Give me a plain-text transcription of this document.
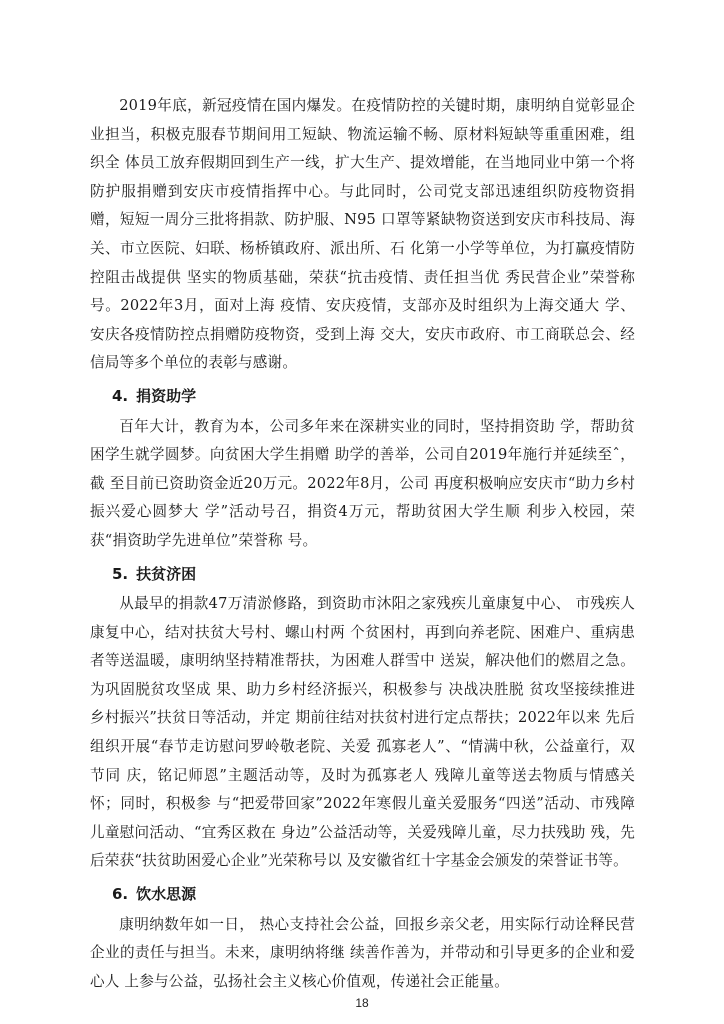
2019年底，新冠疫情在国内爆发。在疫情防控的关键时期，康明纳自觉彰显企业担当，积极克服春节期间用工短缺、物流运输不畅、原材料短缺等重重困难，组织全 体员工放弃假期回到生产一线，扩大生产、提效增能，在当地同业中第一个将防护服捐赠到安庆市疫情指挥中心。与此同时，公司党支部迅速组织防疫物资捐赠，短短一周分三批将捐款、防护服、N95 口罩等紧缺物资送到安庆市科技局、海关、市立医院、妇联、杨桥镇政府、派出所、石 化第一小学等单位，为打赢疫情防控阻击战提供 坚实的物质基础，荣获“抗击疫情、责任担当优 秀民营企业”荣誉称号。2022年3月，面对上海 疫情、安庆疫情，支部亦及时组织为上海交通大 学、安庆各疫情防控点捐赠防疫物资，受到上海 交大，安庆市政府、市工商联总会、经信局等多个单位的表彰与感谢。

4. 捐资助学

百年大计，教育为本，公司多年来在深耕实业的同时，坚持捐资助 学，帮助贫困学生就学圆梦。向贫困大学生捐赠 助学的善举，公司自2019年施行并延续至ˆ，截 至目前已资助资金近20万元。2022年8月，公司 再度积极响应安庆市“助力乡村振兴爱心圆梦大 学”活动号召，捐资4万元，帮助贫困大学生顺 利步入校园，荣获“捐资助学先进单位”荣誉称 号。

5. 扶贫济困

从最早的捐款47万清淤修路，到资助市沐阳之家残疾儿童康复中心、 市残疾人康复中心，结对扶贫大号村、螺山村两 个贫困村，再到向养老院、困难户、重病患者等送温暖，康明纳坚持精准帮扶，为困难人群雪中 送炭，解决他们的燃眉之急。为巩固脱贫攻坚成 果、助力乡村经济振兴，积极参与 决战决胜脱 贫攻坚接续推进乡村振兴”扶贫日等活动，并定 期前往结对扶贫村进行定点帮扶；2022年以来 先后组织开展“春节走访慰问罗岭敬老院、关爱 孤寡老人”、“情满中秋，公益童行，双节同 庆，铭记师恩”主题活动等，及时为孤寡老人 残障儿童等送去物质与情感关怀；同时，积极参 与“把爱带回家”2022年寒假儿童关爱服务“四送”活动、市残障儿童慰问活动、“宜秀区救在 身边”公益活动等，关爱残障儿童，尽力扶残助 残，先后荣获“扶贫助困爱心企业”光荣称号以 及安徽省红十字基金会颁发的荣誉证书等。

6. 饮水思源

康明纳数年如一日， 热心支持社会公益，回报乡亲父老，用实际行动诠释民营企业的责任与担当。未来，康明纳将继 续善作善为，并带动和引导更多的企业和爱心人 上参与公益，弘扬社会主义核心价值观，传递社会正能量。

18
